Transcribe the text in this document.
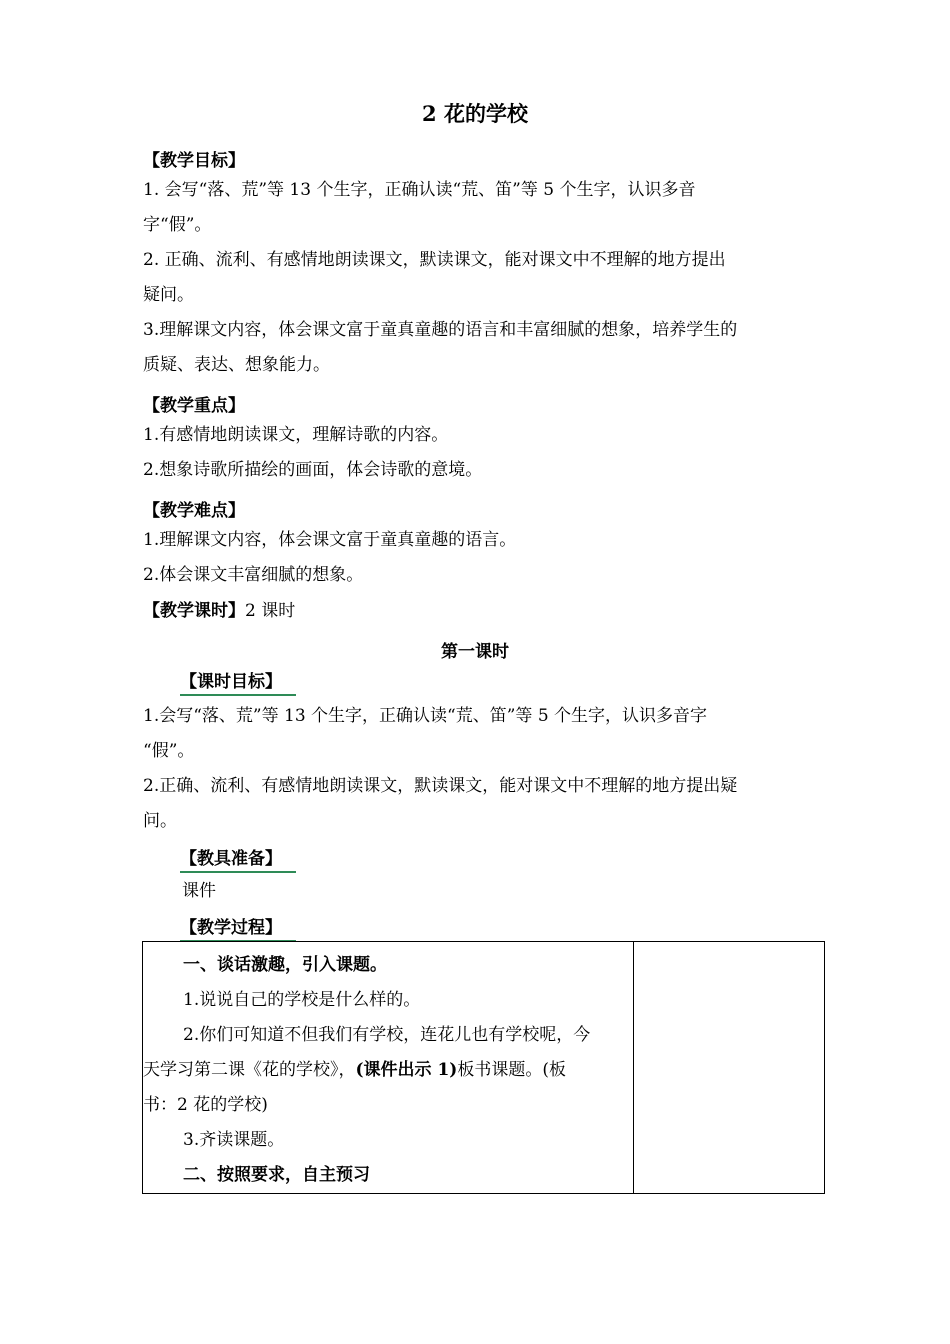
2 花的学校
【教学目标】
1. 会写“落、荒”等 13 个生字，正确认读“荒、笛”等 5 个生字，认识多音
字“假”。
2. 正确、流利、有感情地朗读课文，默读课文，能对课文中不理解的地方提出
疑问。
3.理解课文内容，体会课文富于童真童趣的语言和丰富细腻的想象，培养学生的
质疑、表达、想象能力。
【教学重点】
1.有感情地朗读课文，理解诗歌的内容。
2.想象诗歌所描绘的画面，体会诗歌的意境。
【教学难点】
1.理解课文内容，体会课文富于童真童趣的语言。
2.体会课文丰富细腻的想象。
【教学课时】2 课时
第一课时
【课时目标】
1.会写“落、荒”等 13 个生字，正确认读“荒、笛”等 5 个生字，认识多音字
“假”。
2.正确、流利、有感情地朗读课文，默读课文，能对课文中不理解的地方提出疑
问。
【教具准备】
课件
【教学过程】
一、谈话激趣，引入课题。
1.说说自己的学校是什么样的。
2.你们可知道不但我们有学校，连花儿也有学校呢，今
天学习第二课《花的学校》，(课件出示 1)板书课题。(板
书：2 花的学校)
3.齐读课题。
二、按照要求，自主预习
